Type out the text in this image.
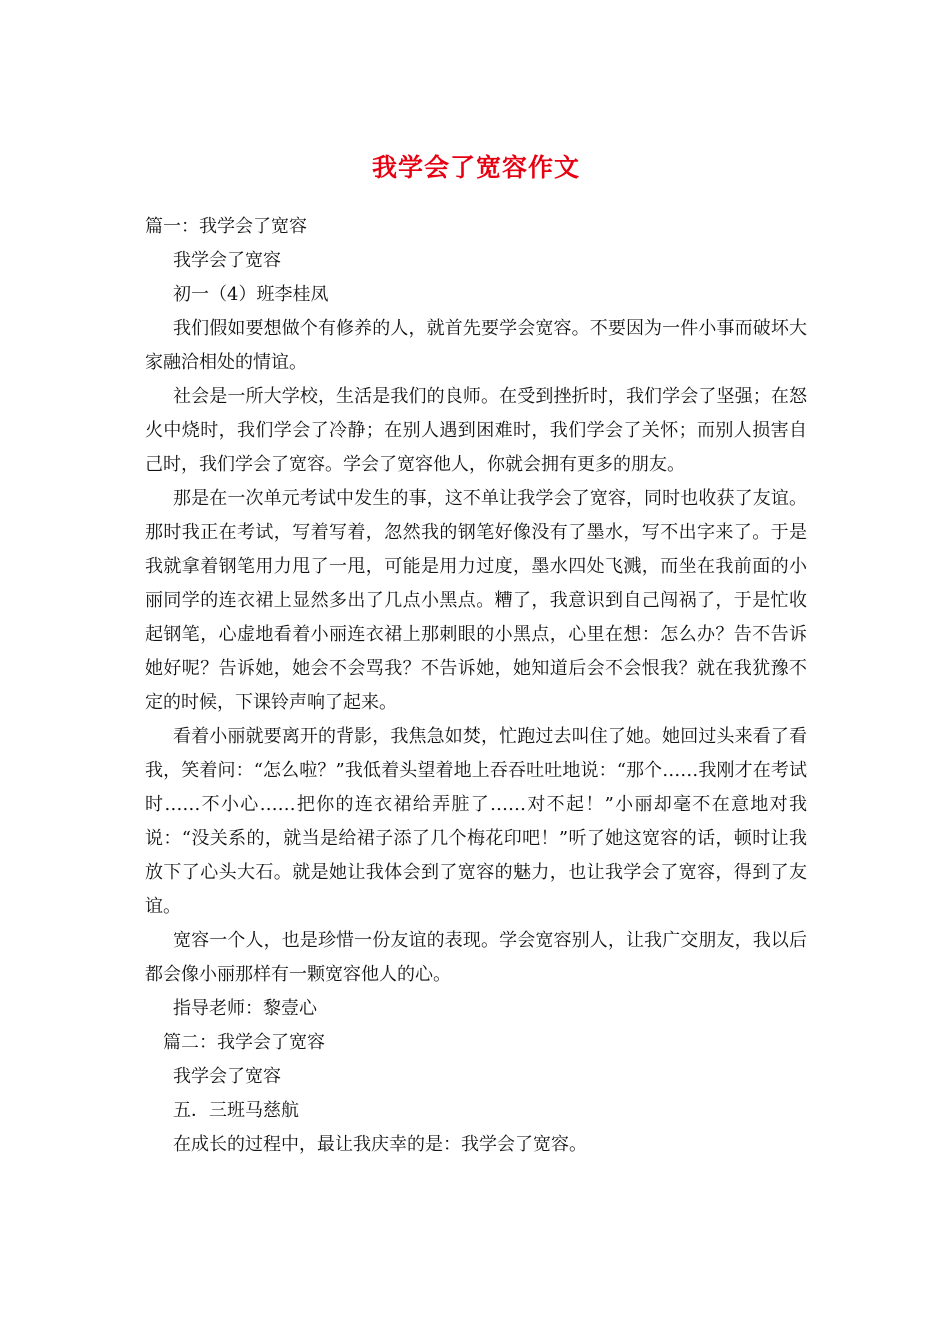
我学会了宽容作文

篇一：我学会了宽容

我学会了宽容

初一（4）班李桂凤

我们假如要想做个有修养的人，就首先要学会宽容。不要因为一件小事而破坏大家融洽相处的情谊。

社会是一所大学校，生活是我们的良师。在受到挫折时，我们学会了坚强；在怒火中烧时，我们学会了冷静；在别人遇到困难时，我们学会了关怀；而别人损害自己时，我们学会了宽容。学会了宽容他人，你就会拥有更多的朋友。

那是在一次单元考试中发生的事，这不单让我学会了宽容，同时也收获了友谊。那时我正在考试，写着写着，忽然我的钢笔好像没有了墨水，写不出字来了。于是我就拿着钢笔用力甩了一甩，可能是用力过度，墨水四处飞溅，而坐在我前面的小丽同学的连衣裙上显然多出了几点小黑点。糟了，我意识到自己闯祸了，于是忙收起钢笔，心虚地看着小丽连衣裙上那刺眼的小黑点，心里在想：怎么办？告不告诉她好呢？告诉她，她会不会骂我？不告诉她，她知道后会不会恨我？就在我犹豫不定的时候，下课铃声响了起来。

看着小丽就要离开的背影，我焦急如焚，忙跑过去叫住了她。她回过头来看了看我，笑着问：“怎么啦？”我低着头望着地上吞吞吐吐地说：“那个……我刚才在考试时……不小心……把你的连衣裙给弄脏了……对不起！”小丽却毫不在意地对我说：“没关系的，就当是给裙子添了几个梅花印吧！”听了她这宽容的话，顿时让我放下了心头大石。就是她让我体会到了宽容的魅力，也让我学会了宽容，得到了友谊。

宽容一个人，也是珍惜一份友谊的表现。学会宽容别人，让我广交朋友，我以后都会像小丽那样有一颗宽容他人的心。

指导老师：黎壹心

篇二：我学会了宽容

我学会了宽容

五．三班马慈航

在成长的过程中，最让我庆幸的是：我学会了宽容。
